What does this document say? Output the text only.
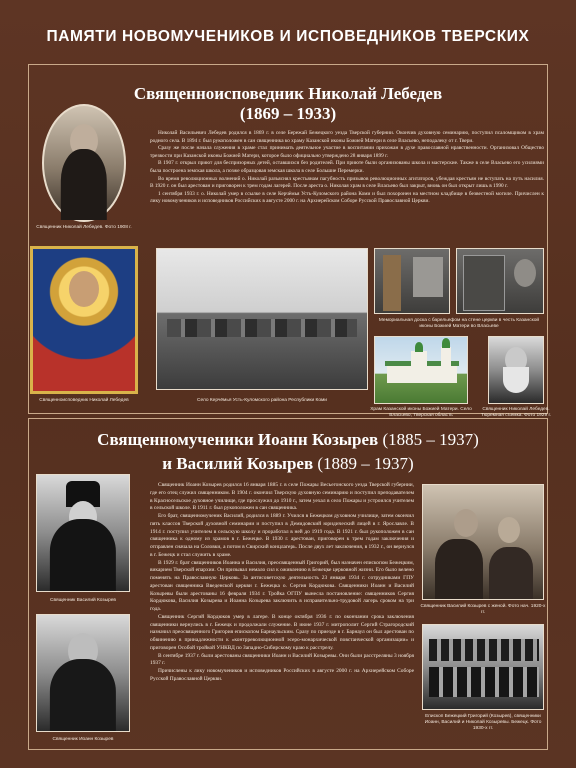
ПАМЯТИ НОВОМУЧЕНИКОВ И ИСПОВЕДНИКОВ ТВЕРСКИХ
Священноисповедник Николай Лебедев
(1869 – 1933)
Священник Николай Лебедев. Фото 1908 г.

Николай Васильевич Лебедев родился в 1869 г. в селе Бережай Бежецкого уезда Тверской губернии. Окончив духовную семинарию, поступил псаломщиком в храм родного села. В 1894 г. был рукоположен в сан священника ко храму Казанской иконы Божией Матери в селе Власьево, неподалеку от г. Твери.

Сразу же после начала служения в храме стал принимать деятельное участие в воспитании прихожан в духе православной нравственности. Организовал Общество трезвости при Казанской иконы Божией Матери, которое было официально утверждено 28 января 1899 г.

В 1907 г. открыл приют для беспризорных детей, оставшихся без родителей. При приюте были организованы школа и мастерские. Также в селе Власьево его усилиями была построена земская школа, а позже образцовая земская школа в селе Большие Перемерки.

Во время революционных волнений о. Николай разъяснял крестьянам пагубность призывов революционных агитаторов, убеждая крестьян не вступать на путь насилия. В 1920 г. он был арестован и приговорен к трем годам лагерей. После ареста о. Николая храм в селе Власьево был закрыт, вновь он был открыт лишь в 1990 г.

1 сентября 1933 г. о. Николай умер в ссылке в селе Керчёмья Усть-Куломского района Коми и был похоронен на местном кладбище в безвестной могиле. Причислен к лику новомучеников и исповедников Российских в августе 2000 г. на Архиерейском Соборе Русской Православной Церкви.

Священноисповедник Николай Лебедев	Село Керчёмья Усть-Куломского района Республики Коми
Мемориальная доска с барельефом на стене церкви в честь Казанской иконы Божией Матери во Власьеве
Храм Казанской иконы Божией Матери. Село Власьево, Тверская область
Священник Николай Лебедев. Тюремная съемка. Фото 1929 г.
Священномученики Иоанн Козырев (1885 – 1937)
и Василий Козырев (1889 – 1937)
Священник Василий Козырев
Священник Иоанн Козырев

Священник Иоанн Козырев родился 16 января 1885 г. в селе Пожары Весьегонского уезда Тверской губернии, где его отец служил священником. В 1904 г. окончил Тверскую духовную семинарию и поступил преподавателем в Красносельское духовное училище, где прослужил до 1910 г., затем уехал в село Пожары и устроился учителем в сельской школе. В 1911 г. был рукоположен в сан священника.

Его брат, священномученик Василий, родился в 1889 г. Учился в Бежецком духовном училище, затем окончил пять классов Тверской духовной семинарии и поступил в Демидовский юридический лицей в г. Ярославле. В 1914 г. поступил учителем в сельскую школу и проработал в ней до 1919 года. В 1921 г. был рукоположен в сан священника к одному из храмов в г. Бежецке. В 1930 г. арестован, приговорен к трем годам заключения и отправлен сначала на Соловки, а потом в Свирский концлагерь. После двух лет заключения, в 1932 г., он вернулся в г. Бежецк и стал служить в храме.

В 1929 г. брат священников Иоанна и Василия, преосвященный Григорий, был назначен епископом Бежецким, викарием Тверской епархии. Он призывал немало сил к оживлению в Бежецке церковной жизни. Его было велено поменять на Православную Церковь. За антисоветскую деятельность 23 января 1934 г. сотрудниками ГПУ арестован священника Введенской церкви г. Бежецка о. Сергия Кордюкова. Священники Иоанн и Василий Козыревы были арестованы 16 февраля 1934 г. Тройка ОГПУ вынесла постановление: священников Сергия Кордюкова, Василия Козырева и Иоанна Козырева заключить в исправительно-трудовой лагерь сроком на три года.

Священник Сергий Кордюков умер в лагере. В конце октября 1936 г. по окончании срока заключения священники вернулись в г. Бежецк и продолжали служение. В июне 1937 г. митрополит Сергий Страгородский назначил преосвященного Григория епископом Барнаульским. Сразу по приезде в г. Барнаул он был арестован по обвинению в принадлежности к «контрреволюционной эсеро-монархической повстанческой организации» и приговорен Особой тройкой УНКВД по Западно-Сибирскому краю к расстрелу.

В сентябре 1937 г. были арестованы священники Иоанн и Василий Козыревы. Они были расстреляны 3 ноября 1937 г.

Причислены к лику новомучеников и исповедников Российских в августе 2000 г. на Архиерейском Соборе Русской Православной Церкви.

Священник Василий Козырев с женой. Фото нач. 1920-х гг.
Епископ Бежецкий Григорий (Козырев), священники Иоанн, Василий и Николай Козыревы. Бежецк. Фото 1930-х гг.
